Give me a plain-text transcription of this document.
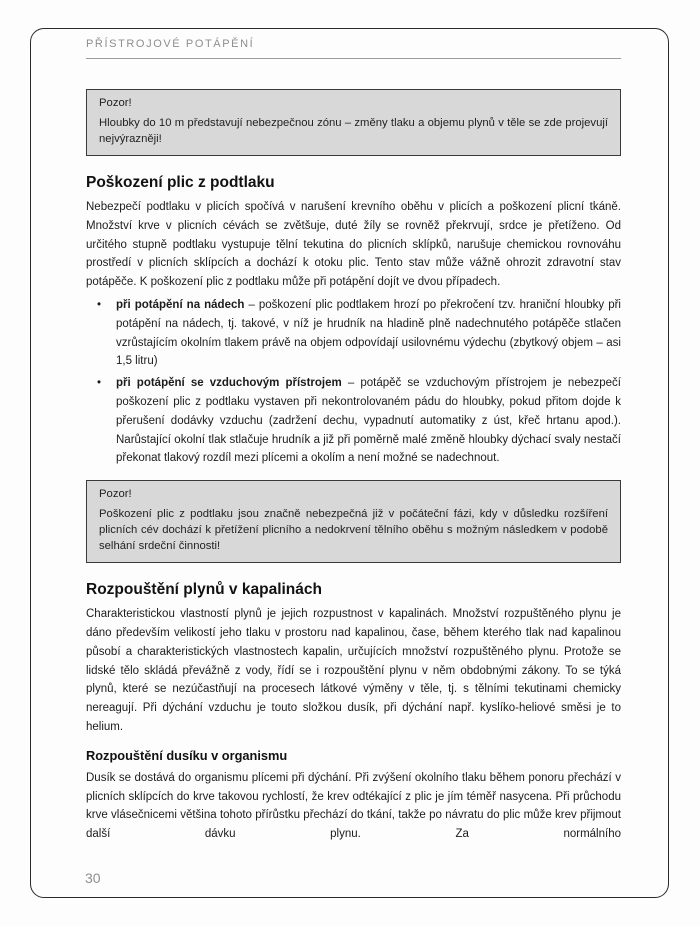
PŘÍSTROJOVÉ POTÁPĚNÍ
Pozor!
Hloubky do 10 m představují nebezpečnou zónu – změny tlaku a objemu plynů v těle se zde projevují nejvýrazněji!
Poškození plic z podtlaku

Nebezpečí podtlaku v plicích spočívá v narušení krevního oběhu v plicích a poškození plicní tkáně. Množství krve v plicních cévách se zvětšuje, duté žíly se rovněž překrvují, srdce je přetíženo. Od určitého stupně podtlaku vystupuje tělní tekutina do plicních sklípků, narušuje chemickou rovnováhu prostředí v plicních sklípcích a dochází k otoku plic. Tento stav může vážně ohrozit zdravotní stav potápěče. K poškození plic z podtlaku může při potápění dojít ve dvou případech.

• při potápění na nádech – poškození plic podtlakem hrozí po překročení tzv. hraniční hloubky při potápění na nádech, tj. takové, v níž je hrudník na hladině plně nadechnutého potápěče stlačen vzrůstajícím okolním tlakem právě na objem odpovídají usilovnému výdechu (zbytkový objem – asi 1,5 litru)
• při potápění se vzduchovým přístrojem – potápěč se vzduchovým přístrojem je nebezpečí poškození plic z podtlaku vystaven při nekontrolovaném pádu do hloubky, pokud přitom dojde k přerušení dodávky vzduchu (zadržení dechu, vypadnutí automatiky z úst, křeč hrtanu apod.). Narůstající okolní tlak stlačuje hrudník a již při poměrně malé změně hloubky dýchací svaly nestačí překonat tlakový rozdíl mezi plícemi a okolím a není možné se nadechnout.
Pozor!
Poškození plic z podtlaku jsou značně nebezpečná již v počáteční fázi, kdy v důsledku rozšíření plicních cév dochází k přetížení plicního a nedokrvení tělního oběhu s možným následkem v podobě selhání srdeční činnosti!
Rozpouštění plynů v kapalinách

Charakteristickou vlastností plynů je jejich rozpustnost v kapalinách. Množství rozpuštěného plynu je dáno především velikostí jeho tlaku v prostoru nad kapalinou, čase, během kterého tlak nad kapalinou působí a charakteristických vlastnostech kapalin, určujících množství rozpuštěného plynu. Protože se lidské tělo skládá převážně z vody, řídí se i rozpouštění plynu v něm obdobnými zákony. To se týká plynů, které se nezúčastňují na procesech látkové výměny v těle, tj. s tělními tekutinami chemicky nereagují. Při dýchání vzduchu je touto složkou dusík, při dýchání např. kyslíko-heliové směsi je to helium.

Rozpouštění dusíku v organismu

Dusík se dostává do organismu plícemi při dýchání. Při zvýšení okolního tlaku během ponoru přechází v plicních sklípcích do krve takovou rychlostí, že krev odtékající z plic je jím téměř nasycena. Při průchodu krve vlásečnicemi většina tohoto přírůstku přechází do tkání, takže po návratu do plic může krev přijmout další dávku plynu. Za normálního

30
